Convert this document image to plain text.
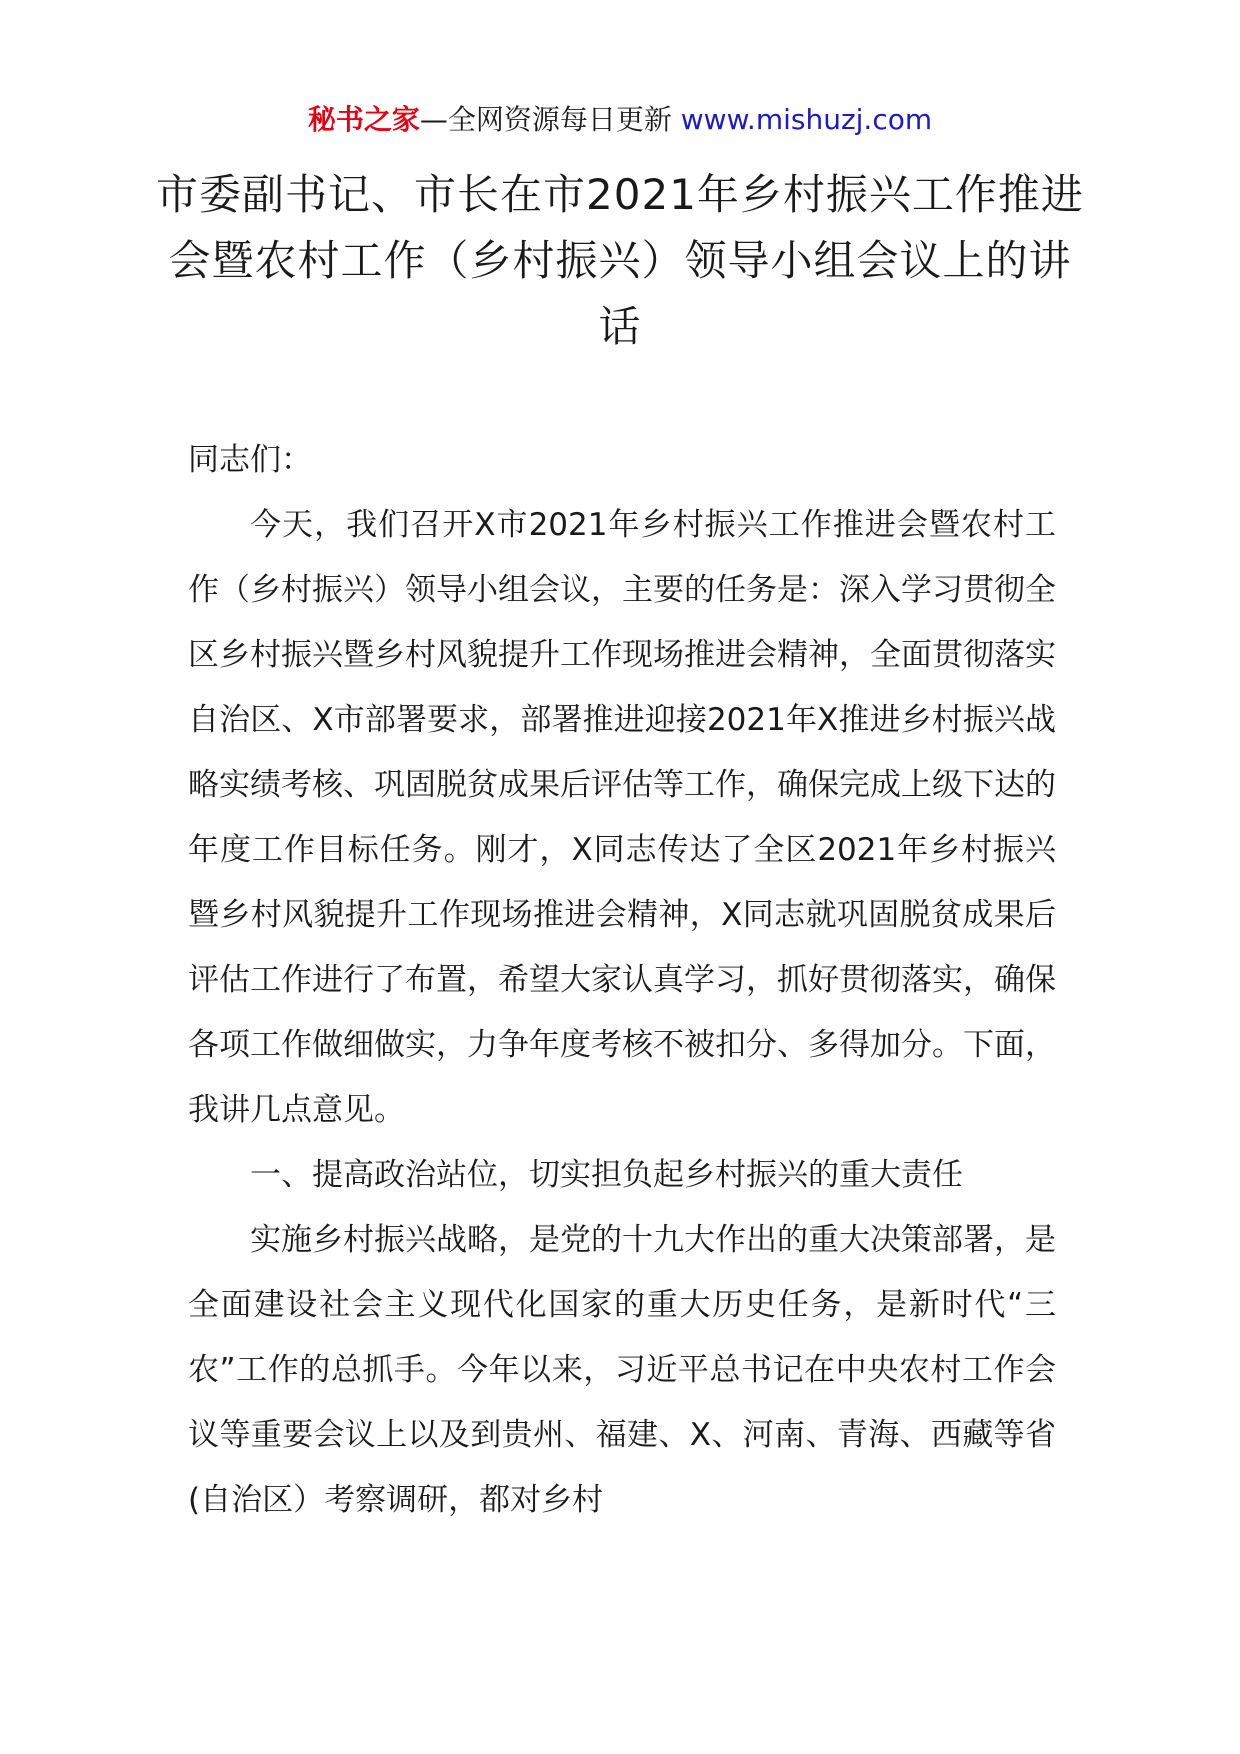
秘书之家—全网资源每日更新 www.mishuzj.com
市委副书记、市长在市2021年乡村振兴工作推进会暨农村工作（乡村振兴）领导小组会议上的讲话

同志们：

今天，我们召开X市2021年乡村振兴工作推进会暨农村工作（乡村振兴）领导小组会议，主要的任务是：深入学习贯彻全区乡村振兴暨乡村风貌提升工作现场推进会精神，全面贯彻落实自治区、X市部署要求，部署推进迎接2021年X推进乡村振兴战略实绩考核、巩固脱贫成果后评估等工作，确保完成上级下达的年度工作目标任务。刚才，X同志传达了全区2021年乡村振兴暨乡村风貌提升工作现场推进会精神，X同志就巩固脱贫成果后评估工作进行了布置，希望大家认真学习，抓好贯彻落实，确保各项工作做细做实，力争年度考核不被扣分、多得加分。下面，我讲几点意见。

一、提高政治站位，切实担负起乡村振兴的重大责任

实施乡村振兴战略，是党的十九大作出的重大决策部署，是全面建设社会主义现代化国家的重大历史任务，是新时代“三农”工作的总抓手。今年以来，习近平总书记在中央农村工作会议等重要会议上以及到贵州、福建、X、河南、青海、西藏等省(自治区）考察调研，都对乡村
